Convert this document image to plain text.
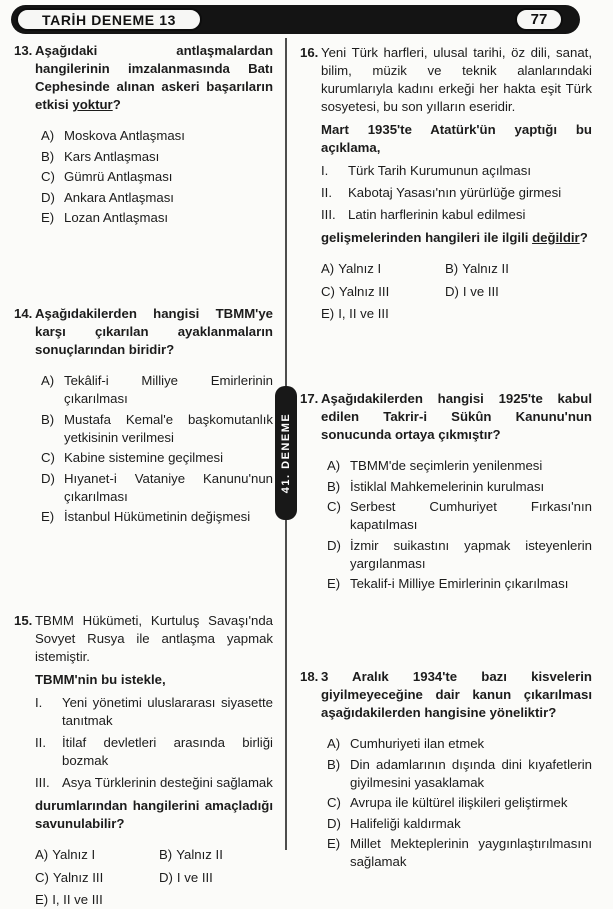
TARİH DENEME 13	77
41. DENEME
13. Aşağıdaki antlaşmalardan hangilerinin imzalanmasında Batı Cephesinde alınan askeri başarıların etkisi yoktur?

A) Moskova Antlaşması
B) Kars Antlaşması
C) Gümrü Antlaşması
D) Ankara Antlaşması
E) Lozan Antlaşması
14. Aşağıdakilerden hangisi TBMM'ye karşı çıkarılan ayaklanmaların sonuçlarından biridir?

A) Tekâlif-i Milliye Emirlerinin çıkarılması
B) Mustafa Kemal'e başkomutanlık yetkisinin verilmesi
C) Kabine sistemine geçilmesi
D) Hıyanet-i Vataniye Kanunu'nun çıkarılması
E) İstanbul Hükümetinin değişmesi
15. TBMM Hükümeti, Kurtuluş Savaşı'nda Sovyet Rusya ile antlaşma yapmak istemiştir.

TBMM'nin bu istekle,

I.	Yeni yönetimi uluslararası siyasette tanıtmak
II.	İtilaf devletleri arasında birliği bozmak
III. Asya Türklerinin desteğini sağlamak

durumlarından hangilerini amaçladığı savunulabilir?

A) Yalnız I	B) Yalnız II
C) Yalnız III	D) I ve III
E) I, II ve III
16. Yeni Türk harfleri, ulusal tarihi, öz dili, sanat, bilim, müzik ve teknik alanlarındaki kurumlarıyla kadını erkeği her hakta eşit Türk sosyetesi, bu son yılların eseridir.

Mart 1935'te Atatürk'ün yaptığı bu açıklama,

I.	Türk Tarih Kurumunun açılması
II.	Kabotaj Yasası'nın yürürlüğe girmesi
III. Latin harflerinin kabul edilmesi

gelişmelerinden hangileri ile ilgili değildir?

A) Yalnız I	B) Yalnız II
C) Yalnız III	D) I ve III
E) I, II ve III
17. Aşağıdakilerden hangisi 1925'te kabul edilen Takrir-i Sükûn Kanunu'nun sonucunda ortaya çıkmıştır?

A) TBMM'de seçimlerin yenilenmesi
B) İstiklal Mahkemelerinin kurulması
C) Serbest Cumhuriyet Fırkası'nın kapatılması
D) İzmir suikastını yapmak isteyenlerin yargılanması
E) Tekalif-i Milliye Emirlerinin çıkarılması
18. 3 Aralık 1934'te bazı kisvelerin giyilmeyeceğine dair kanun çıkarılması aşağıdakilerden hangisine yöneliktir?

A) Cumhuriyeti ilan etmek
B) Din adamlarının dışında dini kıyafetlerin giyilmesini yasaklamak
C) Avrupa ile kültürel ilişkileri geliştirmek
D) Halifeliği kaldırmak
E) Millet Mekteplerinin yaygınlaştırılmasını sağlamak
